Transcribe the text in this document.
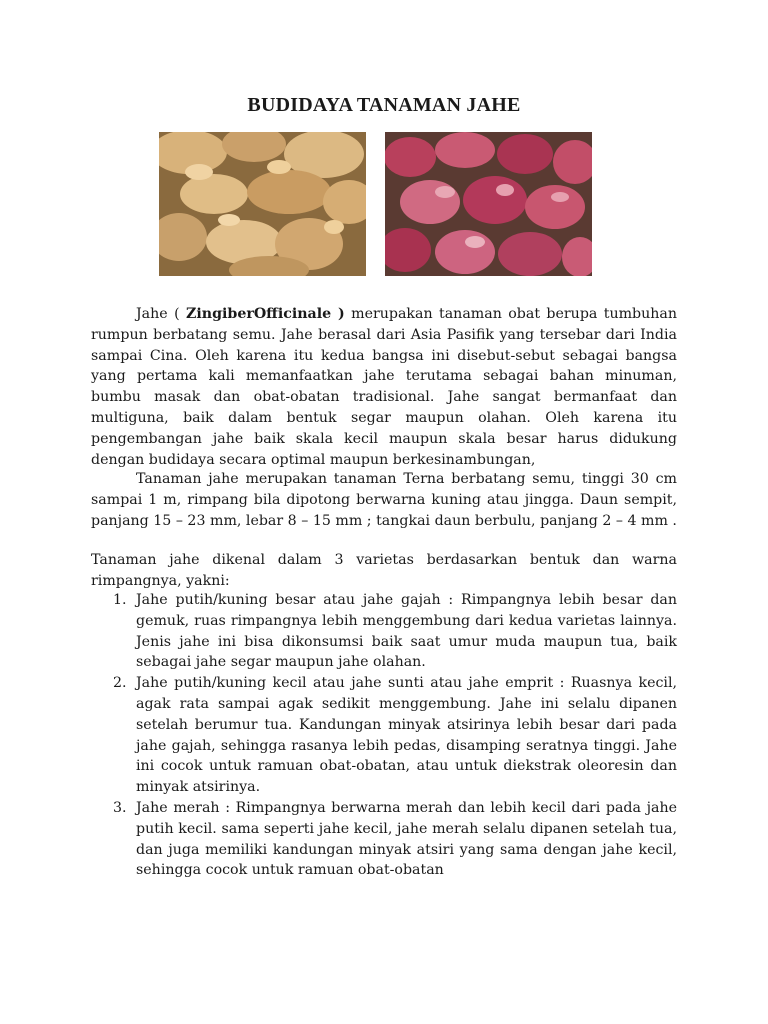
BUDIDAYA TANAMAN JAHE

Jahe ( ZingiberOfficinale ) merupakan tanaman obat berupa tumbuhan rumpun berbatang semu. Jahe berasal dari Asia Pasifik yang tersebar dari India sampai Cina. Oleh karena itu kedua bangsa ini disebut-sebut sebagai bangsa yang pertama kali memanfaatkan jahe terutama sebagai bahan minuman, bumbu masak dan obat-obatan tradisional. Jahe sangat bermanfaat dan multiguna, baik dalam bentuk segar maupun olahan. Oleh karena itu pengembangan jahe baik skala kecil maupun skala besar harus didukung dengan budidaya secara optimal maupun berkesinambungan,

Tanaman jahe merupakan tanaman Terna berbatang semu, tinggi 30 cm sampai 1 m, rimpang bila dipotong berwarna kuning atau jingga. Daun sempit, panjang 15 – 23 mm, lebar 8 – 15 mm ; tangkai daun berbulu, panjang 2 – 4 mm .

Tanaman jahe dikenal dalam 3 varietas berdasarkan bentuk dan warna rimpangnya, yakni:

1. Jahe putih/kuning besar atau jahe gajah : Rimpangnya lebih besar dan gemuk, ruas rimpangnya lebih menggembung dari kedua varietas lainnya. Jenis jahe ini bisa dikonsumsi baik saat umur muda maupun tua, baik sebagai jahe segar maupun jahe olahan.
2. Jahe putih/kuning kecil atau jahe sunti atau jahe emprit : Ruasnya kecil, agak rata sampai agak sedikit menggembung. Jahe ini selalu dipanen setelah berumur tua. Kandungan minyak atsirinya lebih besar dari pada jahe gajah, sehingga rasanya lebih pedas, disamping seratnya tinggi. Jahe ini cocok untuk ramuan obat-obatan, atau untuk diekstrak oleoresin dan minyak atsirinya.
3. Jahe merah : Rimpangnya berwarna merah dan lebih kecil dari pada jahe putih kecil. sama seperti jahe kecil, jahe merah selalu dipanen setelah tua, dan juga memiliki kandungan minyak atsiri yang sama dengan jahe kecil, sehingga cocok untuk ramuan obat-obatan
